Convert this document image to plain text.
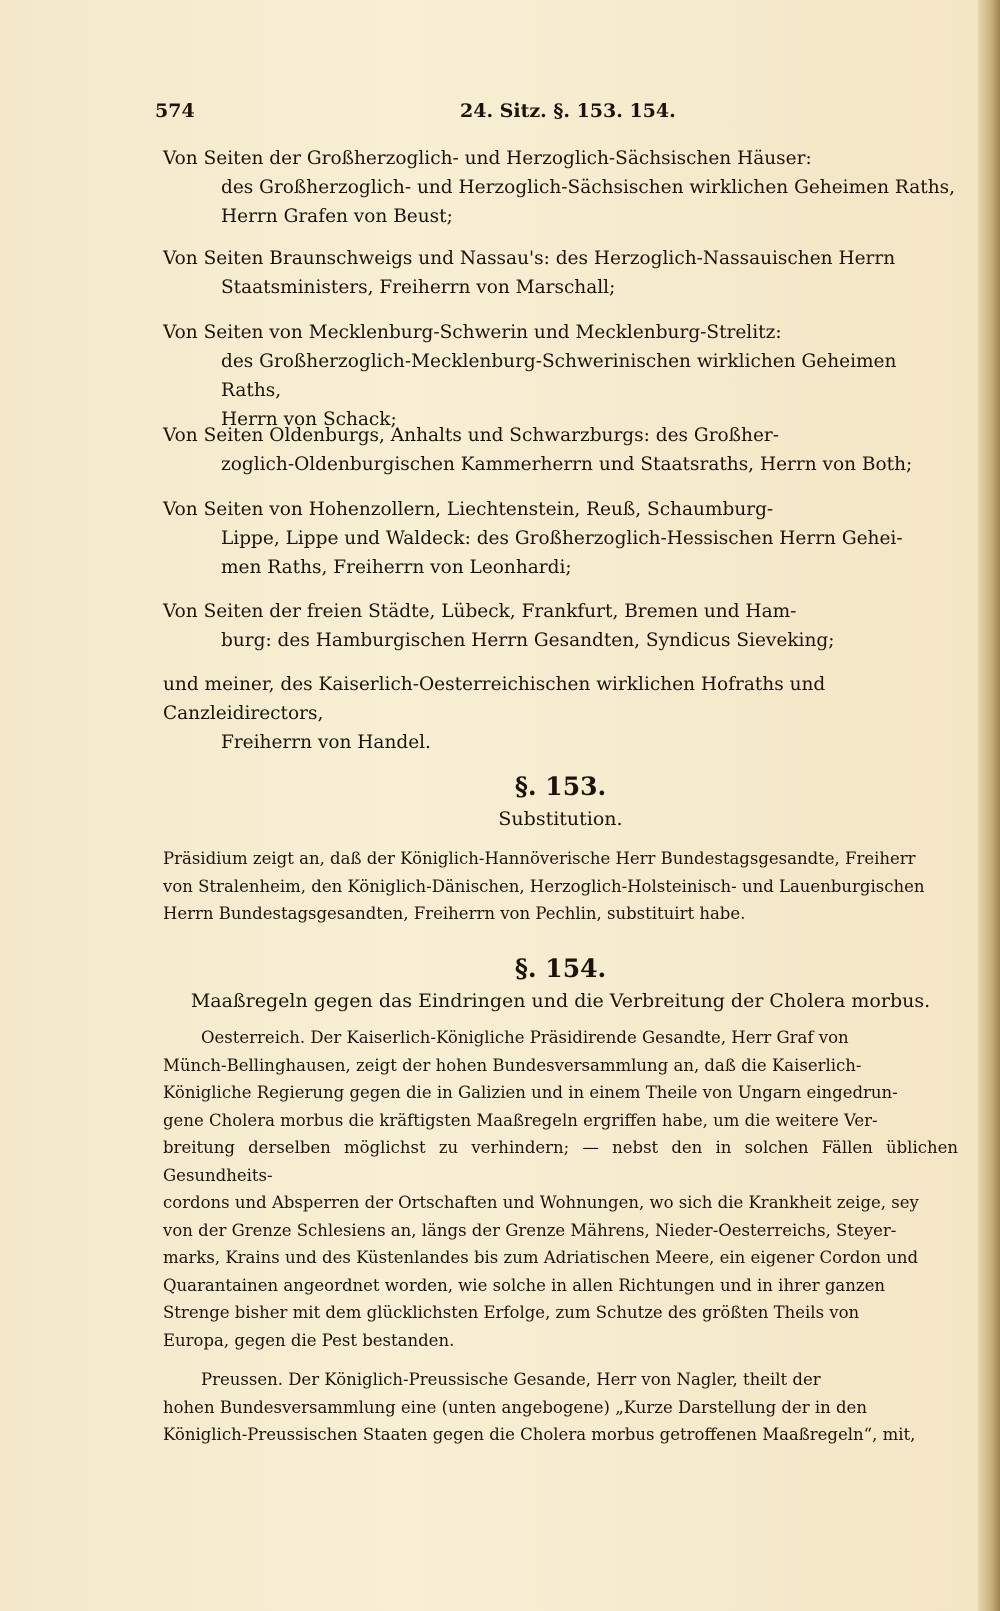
574	24. Sitz. §. 153. 154.

Von Seiten der Großherzoglich- und Herzoglich-Sächsischen Häuser:
des Großherzoglich- und Herzoglich-Sächsischen wirklichen Geheimen Raths,
Herrn Grafen von Beust;

Von Seiten Braunschweigs und Nassau's: des Herzoglich-Nassauischen Herrn
Staatsministers, Freiherrn von Marschall;

Von Seiten von Mecklenburg-Schwerin und Mecklenburg-Strelitz:
des Großherzoglich-Mecklenburg-Schwerinischen wirklichen Geheimen Raths,
Herrn von Schack;

Von Seiten Oldenburgs, Anhalts und Schwarzburgs: des Großher-
zoglich-Oldenburgischen Kammerherrn und Staatsraths, Herrn von Both;

Von Seiten von Hohenzollern, Liechtenstein, Reuß, Schaumburg-
Lippe, Lippe und Waldeck: des Großherzoglich-Hessischen Herrn Gehei-
men Raths, Freiherrn von Leonhardi;

Von Seiten der freien Städte, Lübeck, Frankfurt, Bremen und Ham-
burg: des Hamburgischen Herrn Gesandten, Syndicus Sieveking;

und meiner, des Kaiserlich-Oesterreichischen wirklichen Hofraths und Canzleidirectors,
Freiherrn von Handel.

§. 153.
Substitution.

Präsidium zeigt an, daß der Königlich-Hannöverische Herr Bundestagsgesandte, Freiherr
von Stralenheim, den Königlich-Dänischen, Herzoglich-Holsteinisch- und Lauenburgischen
Herrn Bundestagsgesandten, Freiherrn von Pechlin, substituirt habe.

§. 154.
Maaßregeln gegen das Eindringen und die Verbreitung der Cholera morbus.

Oesterreich. Der Kaiserlich-Königliche Präsidirende Gesandte, Herr Graf von
Münch-Bellinghausen, zeigt der hohen Bundesversammlung an, daß die Kaiserlich-
Königliche Regierung gegen die in Galizien und in einem Theile von Ungarn eingedrun-
gene Cholera morbus die kräftigsten Maaßregeln ergriffen habe, um die weitere Ver-
breitung derselben möglichst zu verhindern; — nebst den in solchen Fällen üblichen Gesundheits-
cordons und Absperren der Ortschaften und Wohnungen, wo sich die Krankheit zeige, sey
von der Grenze Schlesiens an, längs der Grenze Mährens, Nieder-Oesterreichs, Steyer-
marks, Krains und des Küstenlandes bis zum Adriatischen Meere, ein eigener Cordon und
Quarantainen angeordnet worden, wie solche in allen Richtungen und in ihrer ganzen
Strenge bisher mit dem glücklichsten Erfolge, zum Schutze des größten Theils von
Europa, gegen die Pest bestanden.
Preussen. Der Königlich-Preussische Gesande, Herr von Nagler, theilt der
hohen Bundesversammlung eine (unten angebogene) „Kurze Darstellung der in den
Königlich-Preussischen Staaten gegen die Cholera morbus getroffenen Maaßregeln“, mit,
